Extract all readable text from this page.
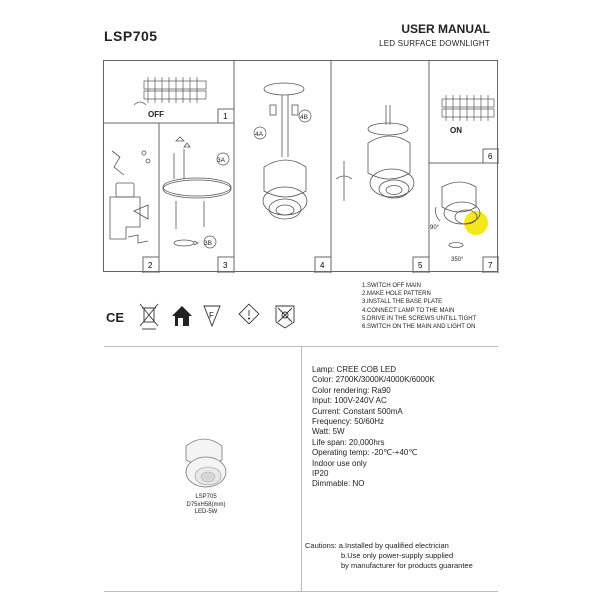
LSP705	USER MANUAL
LED SURFACE DOWNLIGHT
OFF
3A
3B
4A
4B
ON
90°
350°
1
2	3	4	5
6
7
1.SWITCH OFF MAIN
2.MAKE HOLE PATTERN
3.INSTALL THE BASE PLATE
4.CONNECT LAMP TO THE MAIN
5.DRIVE IN THE SCREWS UNTILL TIGHT
6.SWITCH ON THE MAIN AND LIGHT ON
CE	F
LSP705
D75xH58(mm)
LED-5W
Lamp: CREE COB LED
Color: 2700K/3000K/4000K/6000K
Color rendering: Ra90
Input: 100V-240V AC
Current: Constant 500mA
Frequency: 50/60Hz
Watt: 5W
Life span: 20,000hrs
Operating temp: -20℃-+40℃
Indoor use only
IP20
Dimmable: NO
Cautions: a.Installed by qualified electrician
b.Use only power-supply supplied
by manufacturer for products guarantee
